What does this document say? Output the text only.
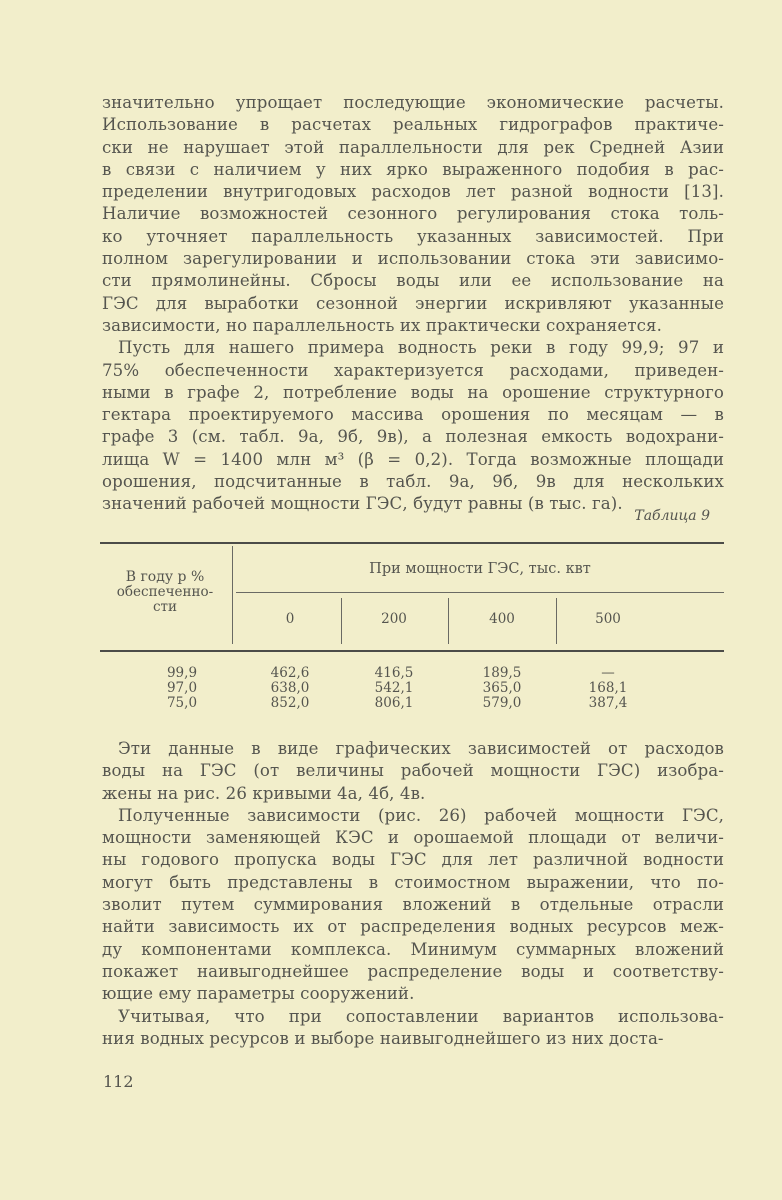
значительно упрощает последующие экономические расчеты.
Использование в расчетах реальных гидрографов практиче-
ски не нарушает этой параллельности для рек Средней Азии
в связи с наличием у них ярко выраженного подобия в рас-
пределении внутригодовых расходов лет разной водности [13].
Наличие возможностей сезонного регулирования стока толь-
ко уточняет параллельность указанных зависимостей. При
полном зарегулировании и использовании стока эти зависимо-
сти прямолинейны. Сбросы воды или ее использование на
ГЭС для выработки сезонной энергии искривляют указанные
зависимости, но параллельность их практически сохраняется.
Пусть для нашего примера водность реки в году 99,9; 97 и
75% обеспеченности характеризуется расходами, приведен-
ными в графе 2, потребление воды на орошение структурного
гектара проектируемого массива орошения по месяцам — в
графе 3 (см. табл. 9а, 9б, 9в), а полезная емкость водохрани-
лища W = 1400 млн м³ (β = 0,2). Тогда возможные площади
орошения, подсчитанные в табл. 9а, 9б, 9в для нескольких
значений рабочей мощности ГЭС, будут равны (в тыс. га).
Таблица 9
В году р %
обеспеченно-
сти
При мощности ГЭС, тыс. квт
0	200	400	500
99,9	462,6	416,5	189,5	—
97,0	638,0	542,1	365,0	168,1
75,0	852,0	806,1	579,0	387,4
Эти данные в виде графических зависимостей от расходов
воды на ГЭС (от величины рабочей мощности ГЭС) изобра-
жены на рис. 26 кривыми 4а, 4б, 4в.
Полученные зависимости (рис. 26) рабочей мощности ГЭС,
мощности заменяющей КЭС и орошаемой площади от величи-
ны годового пропуска воды ГЭС для лет различной водности
могут быть представлены в стоимостном выражении, что по-
зволит путем суммирования вложений в отдельные отрасли
найти зависимость их от распределения водных ресурсов меж-
ду компонентами комплекса. Минимум суммарных вложений
покажет наивыгоднейшее распределение воды и соответству-
ющие ему параметры сооружений.
Учитывая, что при сопоставлении вариантов использова-
ния водных ресурсов и выборе наивыгоднейшего из них доста-
112
